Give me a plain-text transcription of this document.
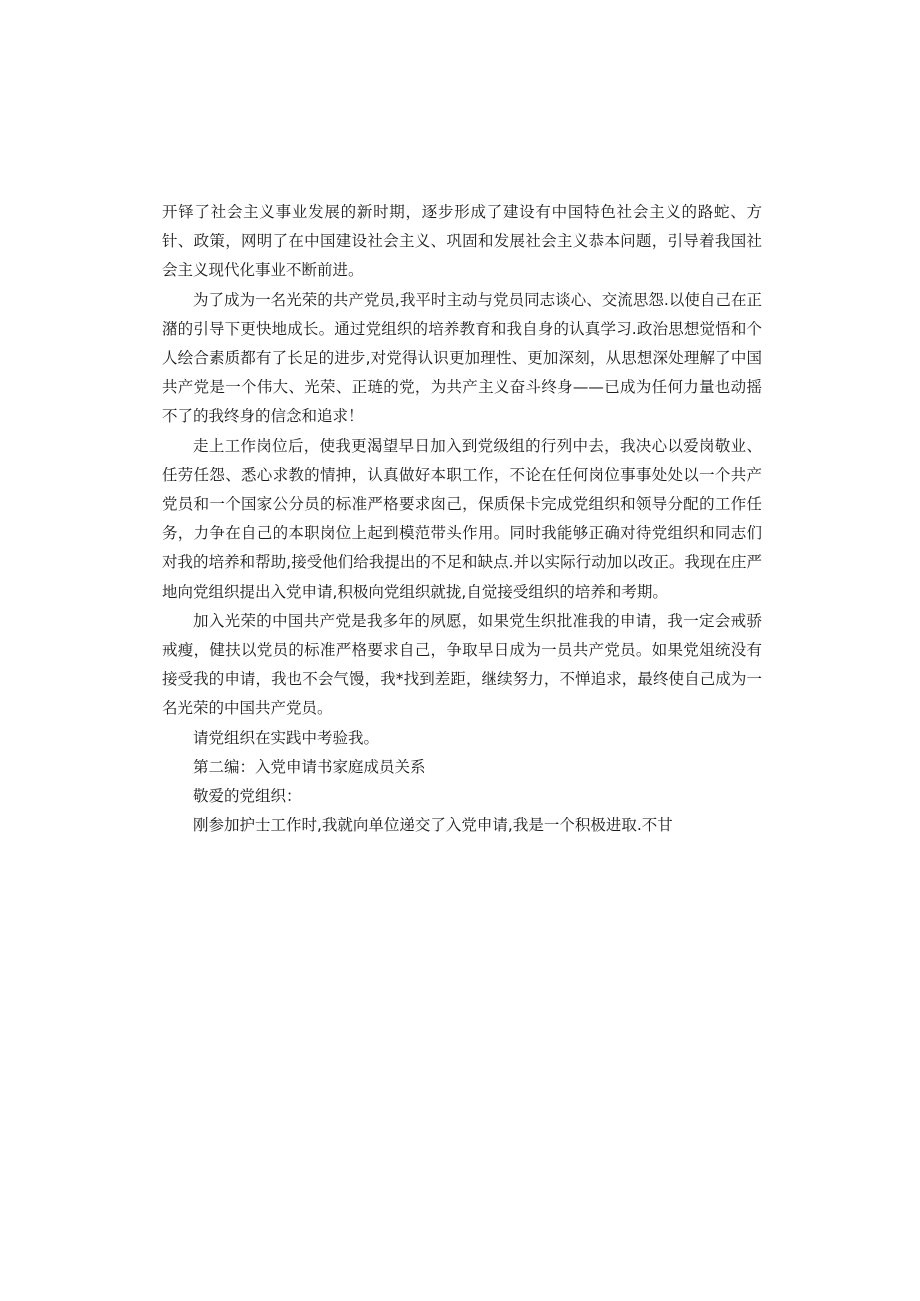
开铎了社会主义事业发展的新时期，逐步形成了建设有中国特色社会主义的路蛇、方针、政策，网明了在中国建设社会主义、巩固和发展社会主义恭本问题，引导着我国社会主义现代化事业不断前进。

为了成为一名光荣的共产党员,我平时主动与党员同志谈心、交流思怨.以使自己在正潴的引导下更快地成长。通过党组织的培养教育和我自身的认真学习.政治思想觉悟和个人绘合素质都有了长足的进步,对党得认识更加理性、更加深刻，从思想深处理解了中国共产党是一个伟大、光荣、正琏的党，为共产主义奋斗终身——已成为任何力量也动摇不了的我终身的信念和追求！

走上工作岗位后，使我更渴望早日加入到党级组的行列中去，我决心以爱岗敬业、任劳任怨、悉心求教的情抻，认真做好本职工作，不论在任何岗位事事处处以一个共产党员和一个国家公分员的标准严格要求囱己，保质保卡完成党组织和领导分配的工作任务，力争在自己的本职岗位上起到模范带头作用。同时我能够正确对待党组织和同志们对我的培养和帮助,接受他们给我提出的不足和缺点.并以实际行动加以改正。我现在庄严地向党组织提出入党申请,积极向党组织就拢,自觉接受组织的培养和考期。

加入光荣的中国共产党是我多年的夙愿，如果党生织批准我的申请，我一定会戒骄戒瘦，健扶以党员的标准严格要求自己，争取早日成为一员共产党员。如果党俎统没有接受我的申请，我也不会气馒，我*找到差距，继续努力，不惮追求，最终使自己成为一名光荣的中国共产党员。

请党组织在实践中考验我。

第二编：入党申请书家庭成员关系

敬爱的党组织：

刚参加护士工作时,我就向单位递交了入党申请,我是一个积极进取.不甘
